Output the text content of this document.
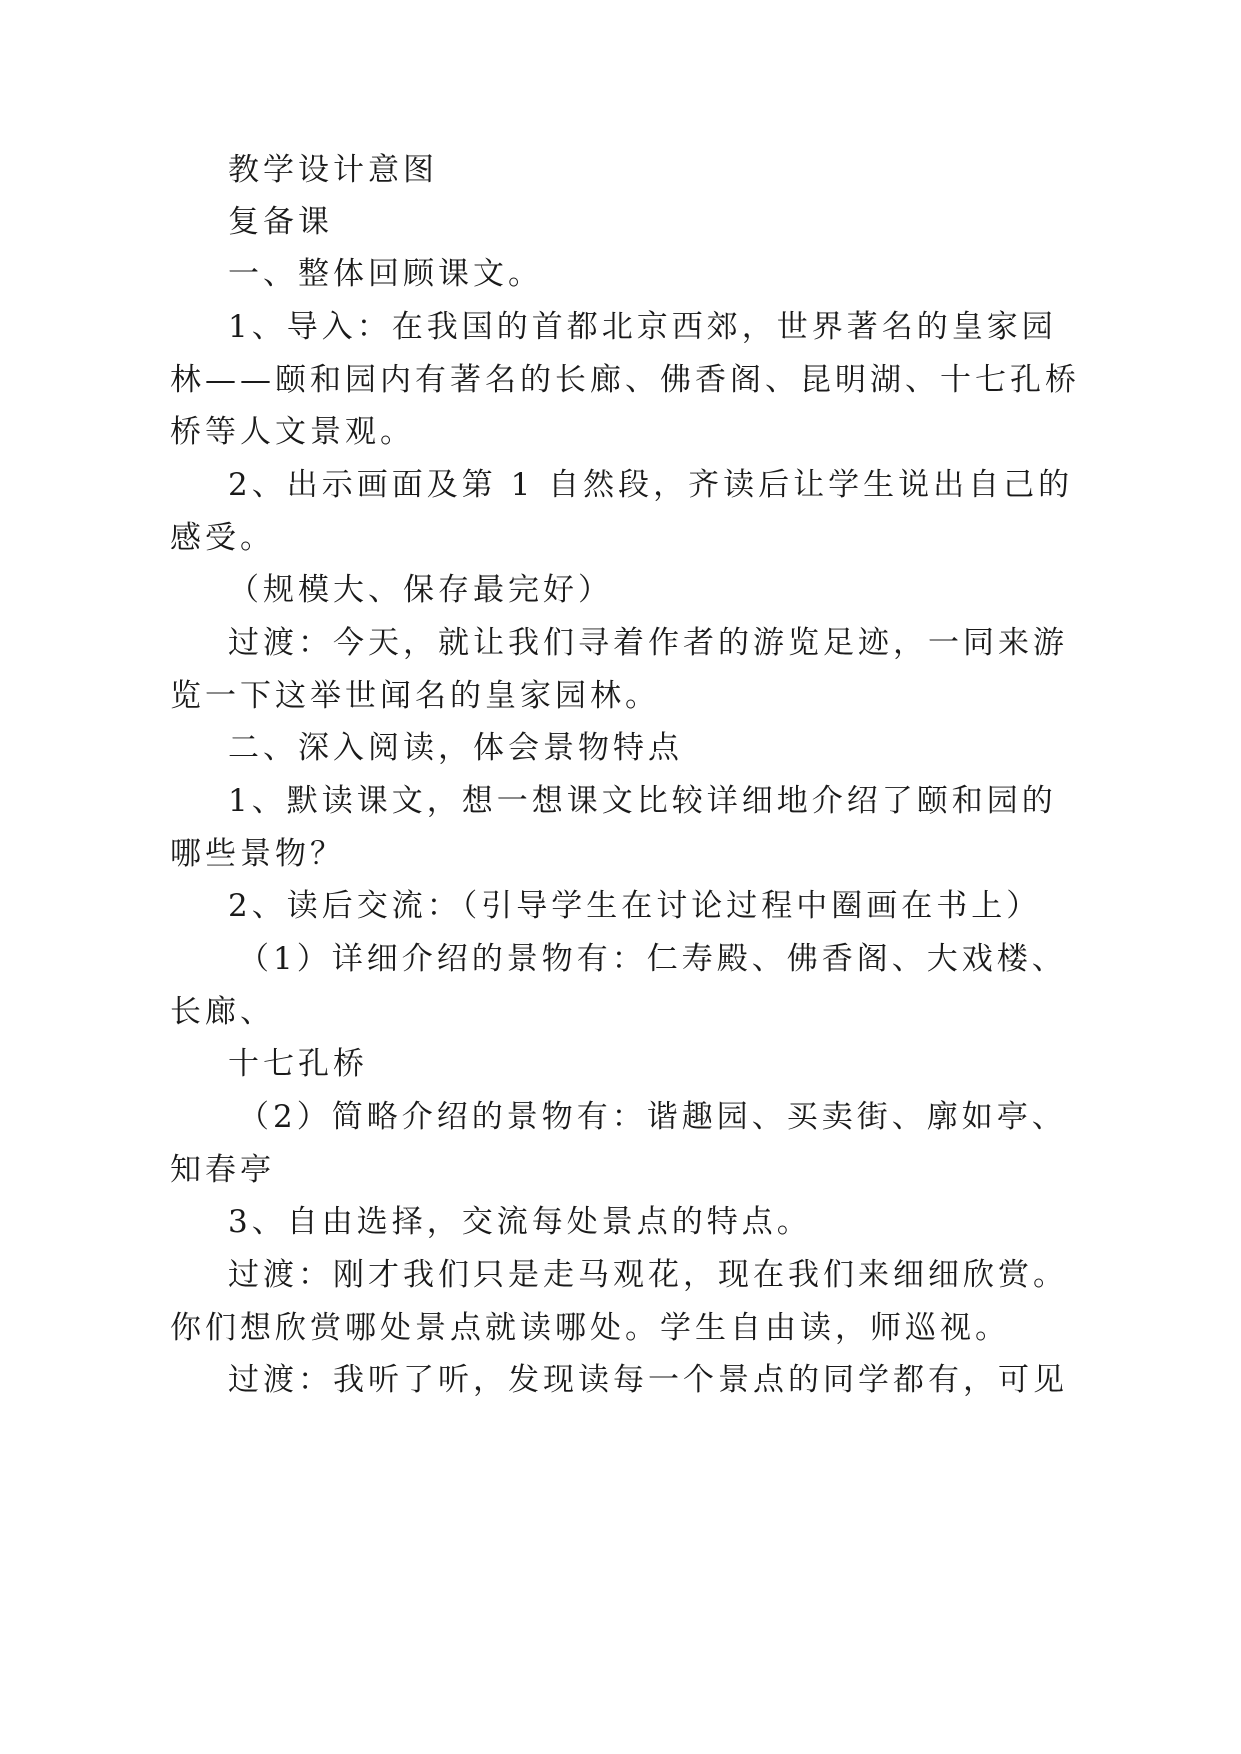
教学设计意图
复备课
一、整体回顾课文。
1、导入：在我国的首都北京西郊，世界著名的皇家园
林——颐和园内有著名的长廊、佛香阁、昆明湖、十七孔桥
桥等人文景观。
2、出示画面及第 1 自然段，齐读后让学生说出自己的
感受。
（规模大、保存最完好）
过渡：今天，就让我们寻着作者的游览足迹，一同来游
览一下这举世闻名的皇家园林。
二、深入阅读，体会景物特点
1、默读课文，想一想课文比较详细地介绍了颐和园的
哪些景物？
2、读后交流：（引导学生在讨论过程中圈画在书上）
（1）详细介绍的景物有：仁寿殿、佛香阁、大戏楼、
长廊、
十七孔桥
（2）简略介绍的景物有：谐趣园、买卖街、廓如亭、
知春亭
3、自由选择，交流每处景点的特点。
过渡：刚才我们只是走马观花，现在我们来细细欣赏。
你们想欣赏哪处景点就读哪处。学生自由读，师巡视。
过渡：我听了听，发现读每一个景点的同学都有，可见
